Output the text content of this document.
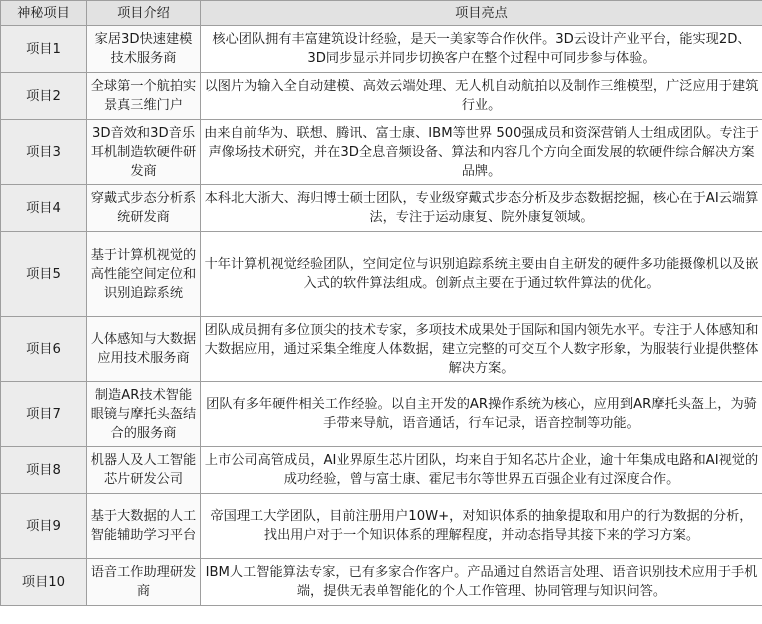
神秘项目	项目介绍	项目亮点
项目1	家居3D快速建模技术服务商	核心团队拥有丰富建筑设计经验，是天一美家等合作伙伴。3D云设计产业平台，能实现2D、3D同步显示并同步切换客户在整个过程中可同步参与体验。
项目2	全球第一个航拍实景真三维门户	以图片为输入全自动建模、高效云端处理、无人机自动航拍以及制作三维模型，广泛应用于建筑行业。
项目3	3D音效和3D音乐耳机制造软硬件研发商	由来自前华为、联想、腾讯、富士康、IBM等世界 500强成员和资深营销人士组成团队。专注于声像场技术研究，并在3D全息音频设备、算法和内容几个方向全面发展的软硬件综合解决方案品牌。
项目4	穿戴式步态分析系统研发商	本科北大浙大、海归博士硕士团队，专业级穿戴式步态分析及步态数据挖掘，核心在于AI云端算法，专注于运动康复、院外康复领域。
项目5	基于计算机视觉的高性能空间定位和识别追踪系统	十年计算机视觉经验团队，空间定位与识别追踪系统主要由自主研发的硬件多功能摄像机以及嵌入式的软件算法组成。创新点主要在于通过软件算法的优化。
项目6	人体感知与大数据应用技术服务商	团队成员拥有多位顶尖的技术专家，多项技术成果处于国际和国内领先水平。专注于人体感知和大数据应用，通过采集全维度人体数据，建立完整的可交互个人数字形象，为服装行业提供整体解决方案。
项目7	制造AR技术智能眼镜与摩托头盔结合的服务商	团队有多年硬件相关工作经验。以自主开发的AR操作系统为核心，应用到AR摩托头盔上，为骑手带来导航，语音通话，行车记录，语音控制等功能。
项目8	机器人及人工智能芯片研发公司	上市公司高管成员，AI业界原生芯片团队，均来自于知名芯片企业，逾十年集成电路和AI视觉的成功经验，曾与富士康、霍尼韦尔等世界五百强企业有过深度合作。
项目9	基于大数据的人工智能辅助学习平台	帝国理工大学团队，目前注册用户10W+，对知识体系的抽象提取和用户的行为数据的分析，找出用户对于一个知识体系的理解程度，并动态指导其接下来的学习方案。
项目10	语音工作助理研发商	IBM人工智能算法专家，已有多家合作客户。产品通过自然语言处理、语音识别技术应用于手机端，提供无表单智能化的个人工作管理、协同管理与知识问答。
